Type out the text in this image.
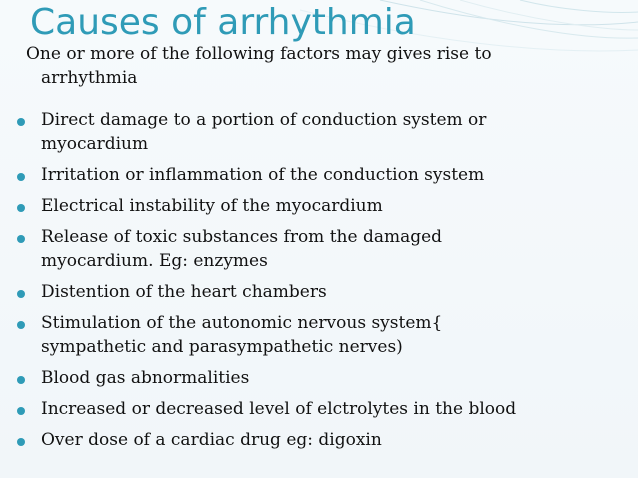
Causes of arrhythmia
One or more of the following factors may gives rise to
arrhythmia
Direct damage to a portion of conduction system or
myocardium
Irritation or inflammation of the conduction system
Electrical instability of the myocardium
Release of toxic substances from the damaged
myocardium. Eg: enzymes
Distention of the heart chambers
Stimulation of the autonomic nervous system{
sympathetic and parasympathetic nerves)
Blood gas abnormalities
Increased or decreased level of elctrolytes in the blood
Over dose of a cardiac drug eg: digoxin
